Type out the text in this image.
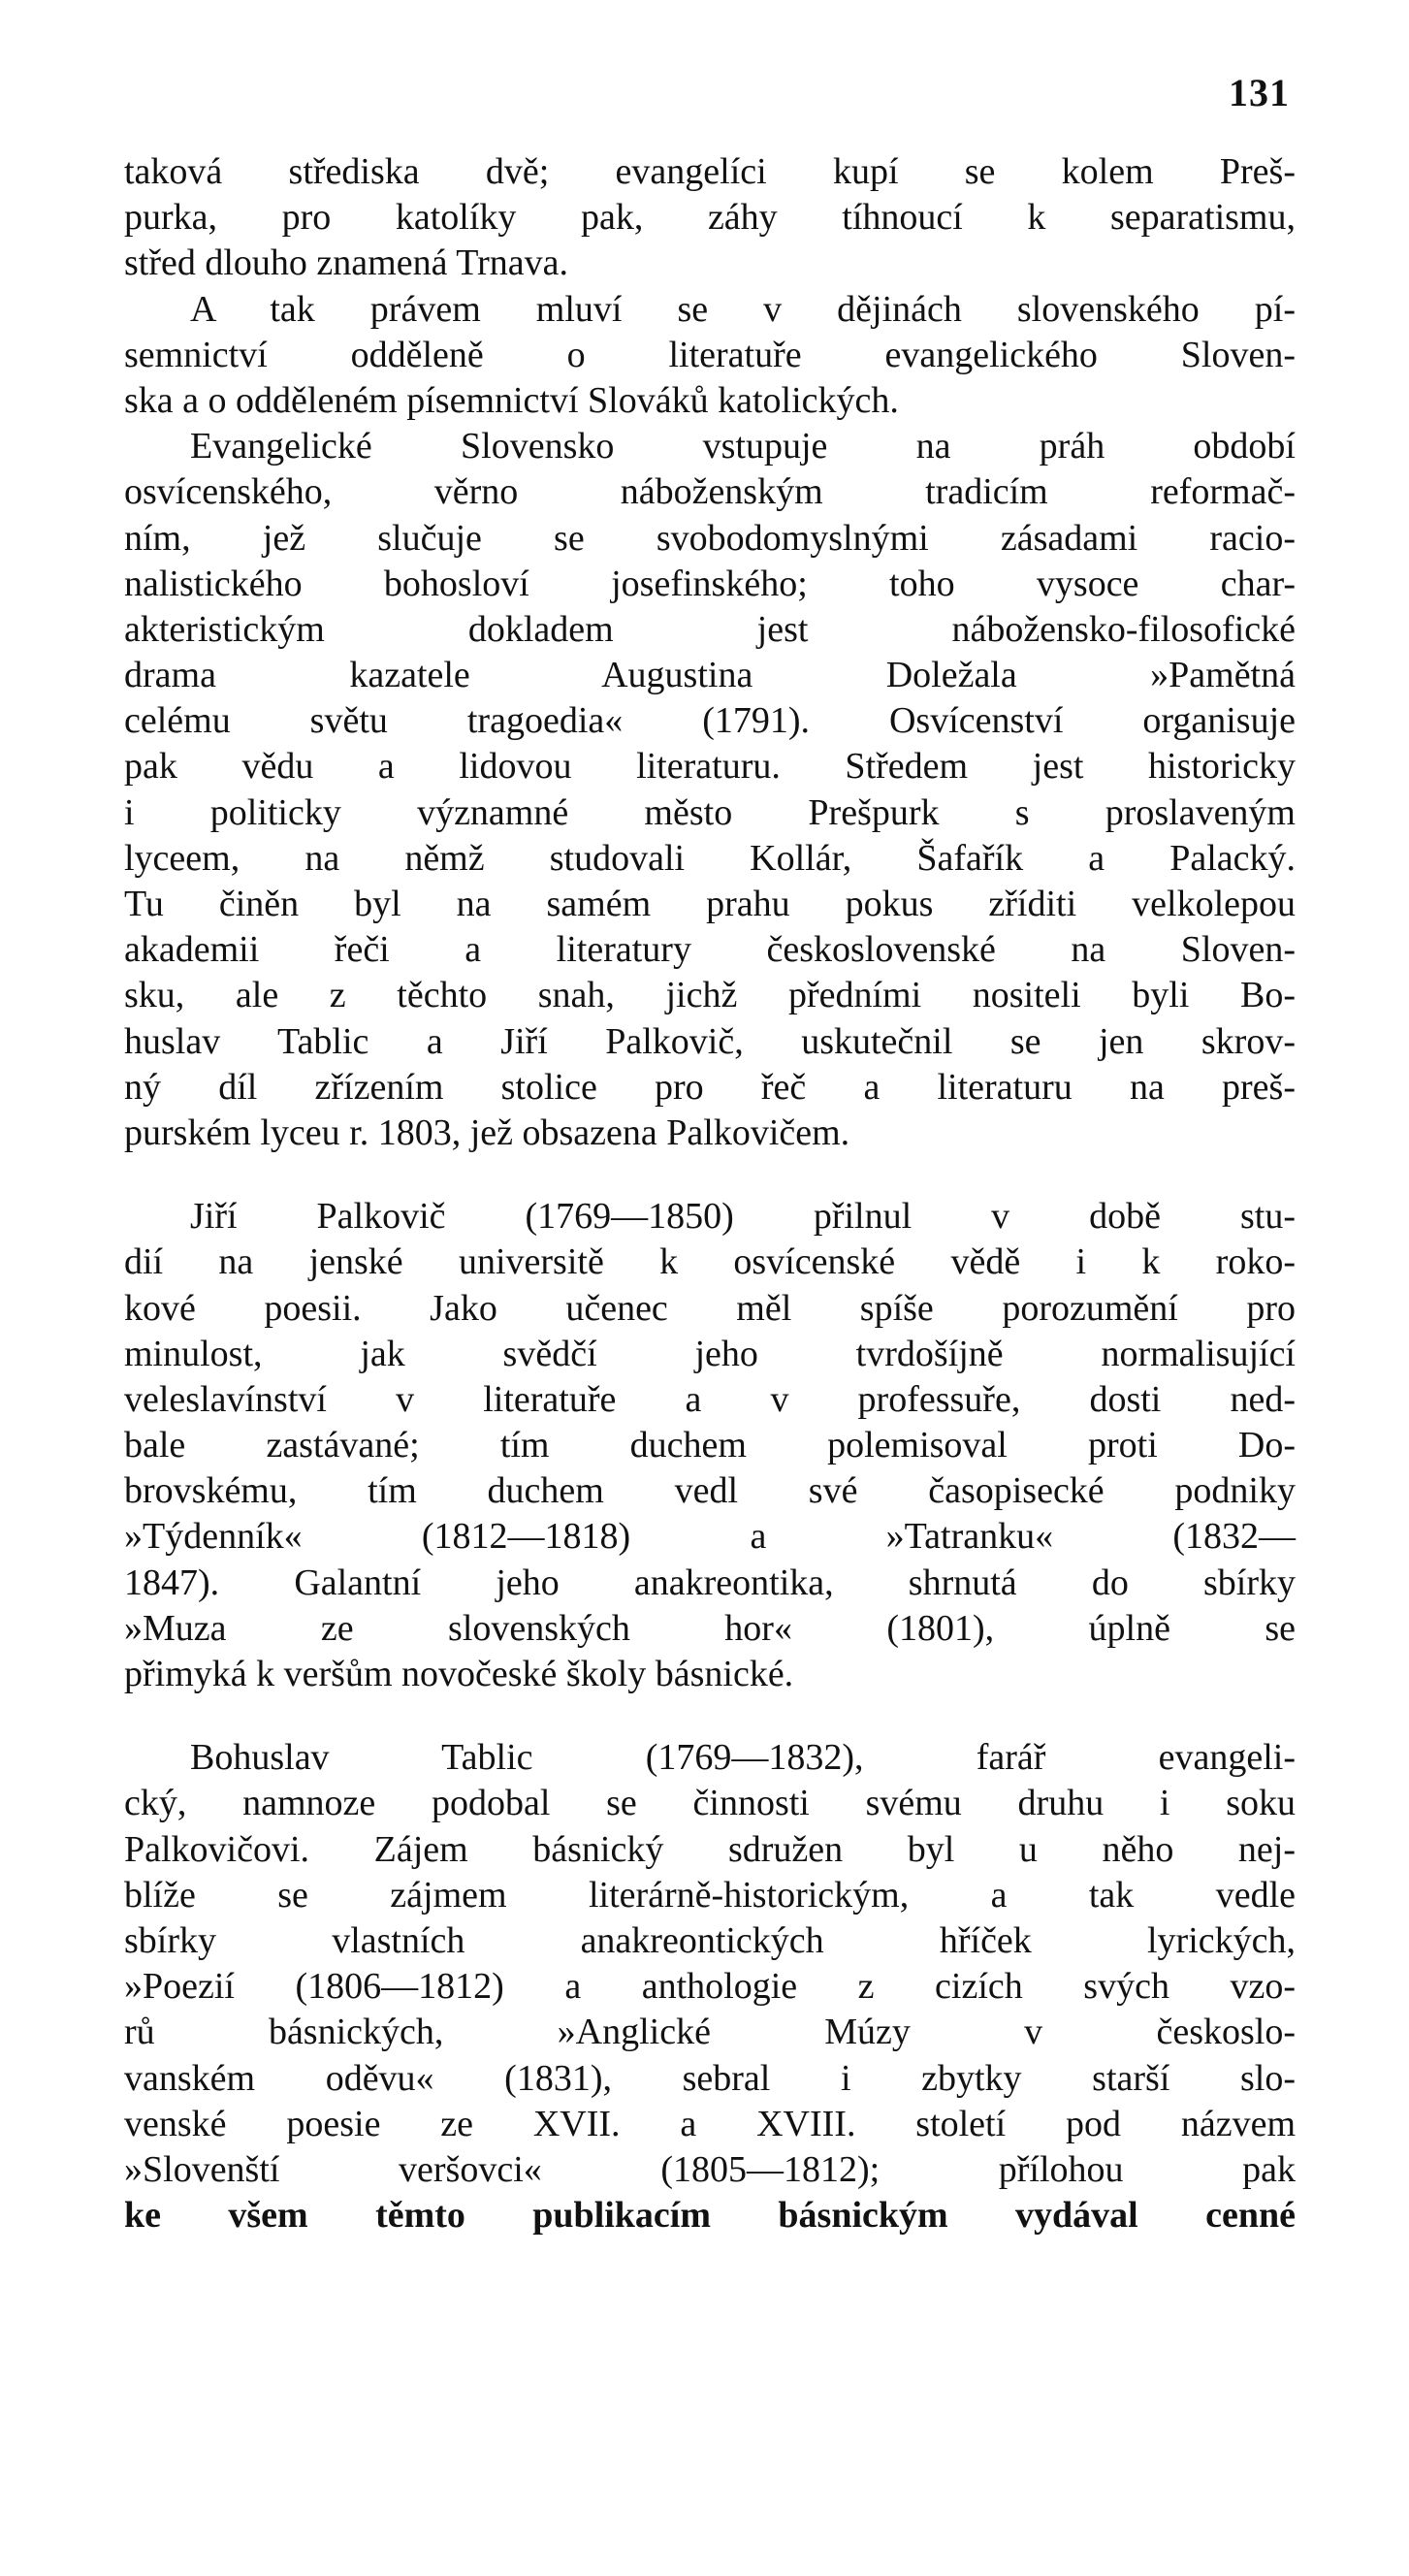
131
taková střediska dvě; evangelíci kupí se kolem Preš-
purka, pro katolíky pak, záhy tíhnoucí k separatismu,
střed dlouho znamená Trnava.
A tak právem mluví se v dějinách slovenského pí-
semnictví odděleně o literatuře evangelického Sloven-
ska a o odděleném písemnictví Slováků katolických.
Evangelické Slovensko vstupuje na práh období
osvícenského, věrno náboženským tradicím reformač-
ním, jež slučuje se svobodomyslnými zásadami racio-
nalistického bohosloví josefinského; toho vysoce char-
akteristickým dokladem jest nábožensko-filosofické
drama kazatele Augustina Doležala »Pamětná
celému světu tragoedia« (1791). Osvícenství organisuje
pak vědu a lidovou literaturu. Středem jest historicky
i politicky významné město Prešpurk s proslaveným
lyceem, na němž studovali Kollár, Šafařík a Palacký.
Tu činěn byl na samém prahu pokus zříditi velkolepou
akademii řeči a literatury československé na Sloven-
sku, ale z těchto snah, jichž předními nositeli byli Bo-
huslav Tablic a Jiří Palkovič, uskutečnil se jen skrov-
ný díl zřízením stolice pro řeč a literaturu na preš-
purském lyceu r. 1803, jež obsazena Palkovičem.
Jiří Palkovič (1769—1850) přilnul v době stu-
dií na jenské universitě k osvícenské vědě i k roko-
kové poesii. Jako učenec měl spíše porozumění pro
minulost, jak svědčí jeho tvrdošíjně normalisující
veleslavínství v literatuře a v professuře, dosti ned-
bale zastávané; tím duchem polemisoval proti Do-
brovskému, tím duchem vedl své časopisecké podniky
»Týdenník« (1812—1818) a »Tatranku« (1832—
1847). Galantní jeho anakreontika, shrnutá do sbírky
»Muza ze slovenských hor« (1801), úplně se
přimyká k veršům novočeské školy básnické.
Bohuslav Tablic (1769—1832), farář evangeli-
cký, namnoze podobal se činnosti svému druhu i soku
Palkovičovi. Zájem básnický sdružen byl u něho nej-
blíže se zájmem literárně-historickým, a tak vedle
sbírky vlastních anakreontických hříček lyrických,
»Poezií (1806—1812) a anthologie z cizích svých vzo-
rů básnických, »Anglické Múzy v českoslo-
vanském oděvu« (1831), sebral i zbytky starší slo-
venské poesie ze XVII. a XVIII. století pod názvem
»Slovenští veršovci« (1805—1812); přílohou pak
ke všem těmto publikacím básnickým vydával cenné
